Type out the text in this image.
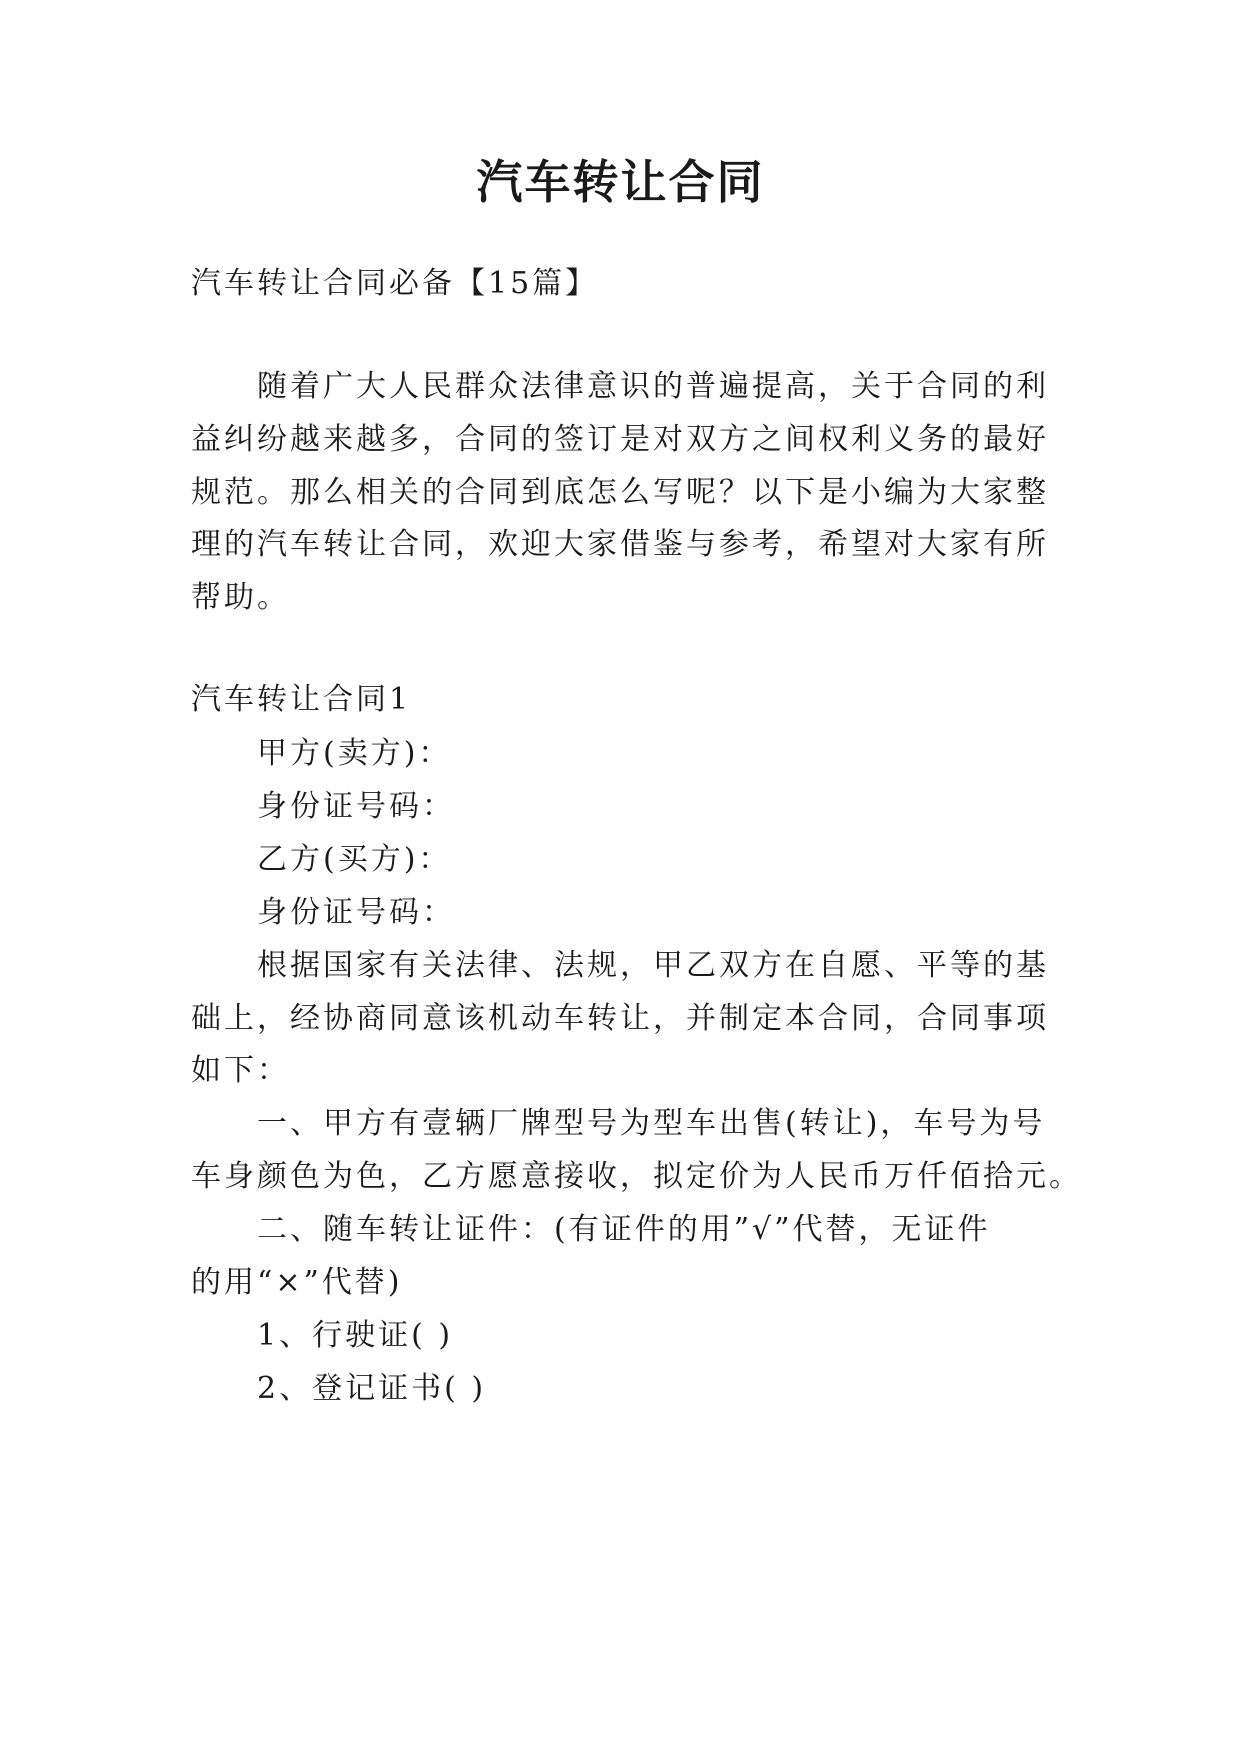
汽车转让合同
汽车转让合同必备【15篇】
随着广大人民群众法律意识的普遍提高，关于合同的利
益纠纷越来越多，合同的签订是对双方之间权利义务的最好
规范。那么相关的合同到底怎么写呢？以下是小编为大家整
理的汽车转让合同，欢迎大家借鉴与参考，希望对大家有所
帮助。
汽车转让合同1
甲方(卖方)：
身份证号码：
乙方(买方)：
身份证号码：
根据国家有关法律、法规，甲乙双方在自愿、平等的基
础上，经协商同意该机动车转让，并制定本合同，合同事项
如下：
一、甲方有壹辆厂牌型号为型车出售(转让)，车号为号
车身颜色为色，乙方愿意接收，拟定价为人民币万仟佰拾元。
二、随车转让证件：(有证件的用”√”代替，无证件
的用“×”代替)
1、行驶证( )
2、登记证书( )
